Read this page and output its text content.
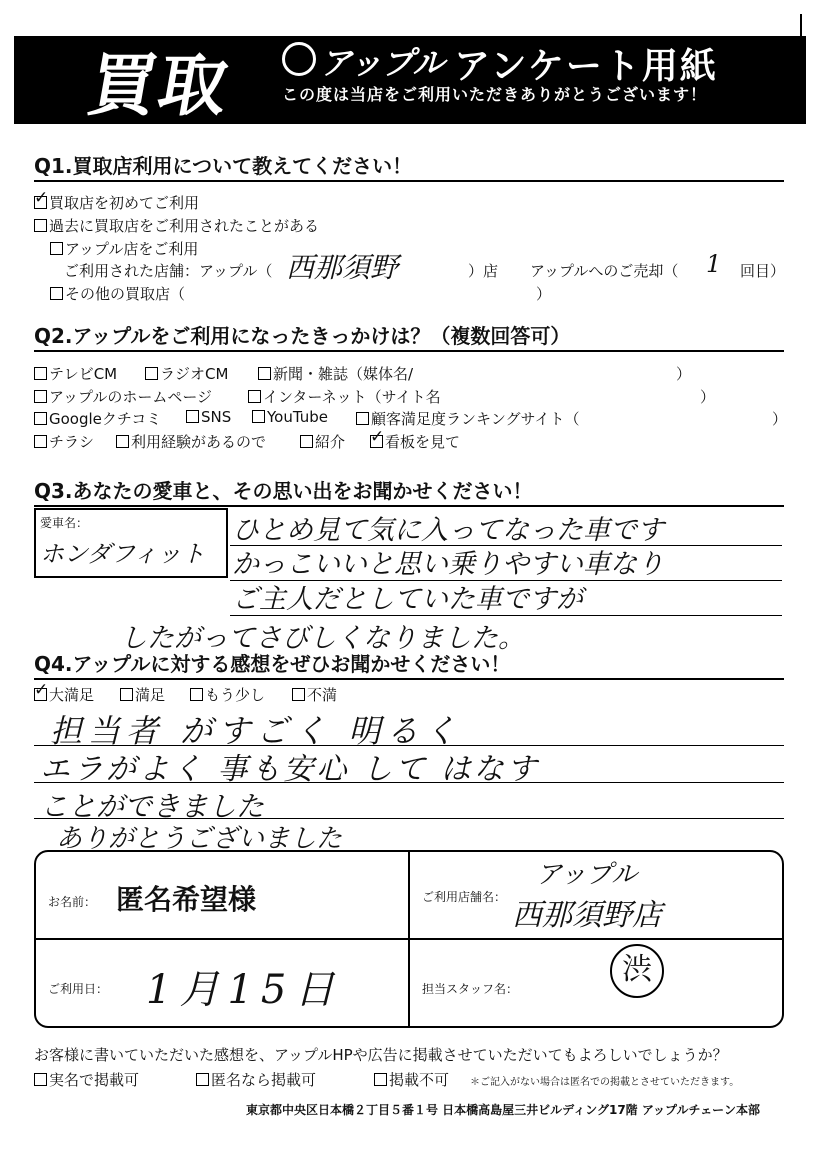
買取	アップル アンケート用紙
この度は当店をご利用いただきありがとうございます！
Q1.買取店利用について教えてください！
✓買取店を初めてご利用
過去に買取店をご利用されたことがある
アップル店をご利用
ご利用された店舗：アップル（ 西那須野	）店 アップルへのご売却（ 1 回目）
その他の買取店（	）
Q2.アップルをご利用になったきっかけは？（複数回答可）
テレビCM	ラジオCM	新聞・雑誌（媒体名/	）
アップルのホームページ	インターネット（サイト名	）
Googleクチコミ	SNS	YouTube	顧客満足度ランキングサイト（	）
チラシ	利用経験があるので	紹介
✓	看板を見て
Q3.あなたの愛車と、その思い出をお聞かせください！
愛車名：
ホンダフィット
ひとめ見て気に入ってなった車です
かっこいいと思い乗りやすい車なり
ご主人だとしていた車ですが
したがってさびしくなりました。
Q4.アップルに対する感想をぜひお聞かせください！
✓大満足	満足	もう少し	不満
担当者 がすごく 明るく
エラがよく 事も安心 して はなす
ことができました
ありがとうございました
お名前： 匿名希望様	ご利用店舗名：
アップル
西那須野店
ご利用日： 1月15日	担当スタッフ名：
渋
お客様に書いていただいた感想を、アップルHPや広告に掲載させていただいてもよろしいでしょうか？
実名で掲載可	匿名なら掲載可	掲載不可 ＊ご記入がない場合は匿名での掲載とさせていただきます。
東京都中央区日本橋２丁目５番１号 日本橋高島屋三井ビルディング17階 アップルチェーン本部
